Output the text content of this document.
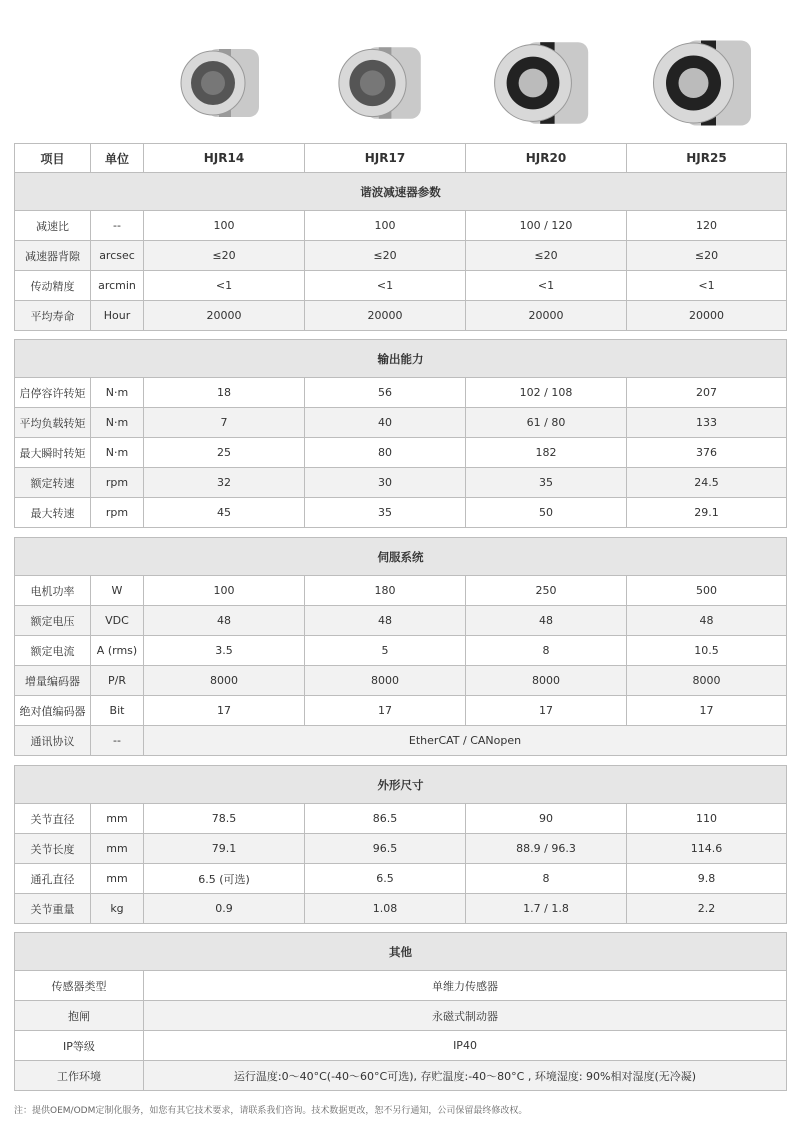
项目	单位	HJR14	HJR17	HJR20	HJR25
谐波减速器参数
减速比	--	100	100	100 / 120	120
减速器背隙	arcsec	≤20	≤20	≤20	≤20
传动精度	arcmin	<1	<1	<1	<1
平均寿命	Hour	20000	20000	20000	20000
输出能力
启停容许转矩	N·m	18	56	102 / 108	207
平均负载转矩	N·m	7	40	61 / 80	133
最大瞬时转矩	N·m	25	80	182	376
额定转速	rpm	32	30	35	24.5
最大转速	rpm	45	35	50	29.1
伺服系统
电机功率	W	100	180	250	500
额定电压	VDC	48	48	48	48
额定电流	A (rms)	3.5	5	8	10.5
增量编码器	P/R	8000	8000	8000	8000
绝对值编码器	Bit	17	17	17	17
通讯协议	--	EtherCAT / CANopen
外形尺寸
关节直径	mm	78.5	86.5	90	110
关节长度	mm	79.1	96.5	88.9 / 96.3	114.6
通孔直径	mm	6.5 (可选)	6.5	8	9.8
关节重量	kg	0.9	1.08	1.7 / 1.8	2.2
其他
传感器类型	单维力传感器
抱闸	永磁式制动器
IP等级	IP40
工作环境	运行温度:0～40°C(-40～60°C可选), 存贮温度:-40～80°C , 环境湿度: 90%相对湿度(无冷凝)
注：提供OEM/ODM定制化服务，如您有其它技术要求，请联系我们咨询。技术数据更改，恕不另行通知，公司保留最终修改权。
